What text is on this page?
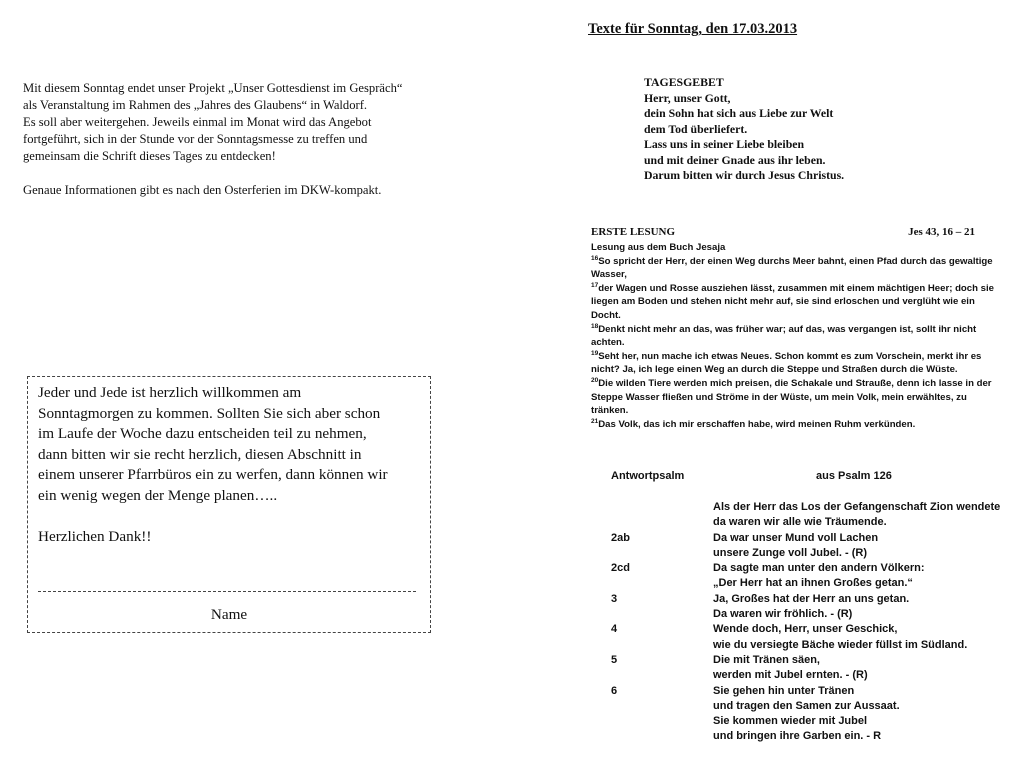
Mit diesem Sonntag endet unser Projekt „Unser Gottesdienst im Gespräch“
als Veranstaltung im Rahmen des „Jahres des Glaubens“ in Waldorf.
Es soll aber weitergehen. Jeweils einmal im Monat wird das Angebot
fortgeführt, sich in der Stunde vor der Sonntagsmesse zu treffen und
gemeinsam die Schrift dieses Tages zu entdecken!

Genaue Informationen gibt es nach den Osterferien im DKW-kompakt.

Jeder und Jede ist herzlich willkommen am
Sonntagmorgen zu kommen. Sollten Sie sich aber schon
im Laufe der Woche dazu entscheiden teil zu nehmen,
dann bitten wir sie recht herzlich, diesen Abschnitt in
einem unserer Pfarrbüros ein zu werfen, dann können wir
ein wenig wegen der Menge planen…..

Herzlichen Dank!!

Name
Texte für Sonntag, den 17.03.2013
TAGESGEBET
Herr, unser Gott,
dein Sohn hat sich aus Liebe zur Welt
dem Tod überliefert.
Lass uns in seiner Liebe bleiben
und mit deiner Gnade aus ihr leben.
Darum bitten wir durch Jesus Christus.
ERSTE LESUNG	Jes 43, 16 – 21
Lesung aus dem Buch Jesaja
$^{16}$So spricht der Herr, der einen Weg durchs Meer bahnt, einen Pfad durch das gewaltige
Wasser,
$^{17}$der Wagen und Rosse ausziehen lässt, zusammen mit einem mächtigen Heer; doch sie
liegen am Boden und stehen nicht mehr auf, sie sind erloschen und verglüht wie ein
Docht.
$^{18}$Denkt nicht mehr an das, was früher war; auf das, was vergangen ist, sollt ihr nicht
achten.
$^{19}$Seht her, nun mache ich etwas Neues. Schon kommt es zum Vorschein, merkt ihr es
nicht? Ja, ich lege einen Weg an durch die Steppe und Straßen durch die Wüste.
$^{20}$Die wilden Tiere werden mich preisen, die Schakale und Strauße, denn ich lasse in der
Steppe Wasser fließen und Ströme in der Wüste, um mein Volk, mein erwähltes, zu
tränken.
$^{21}$Das Volk, das ich mir erschaffen habe, wird meinen Ruhm verkünden.
Antwortpsalm	aus Psalm 126
Als der Herr das Los der Gefangenschaft Zion wendete
da waren wir alle wie Träumende.
2ab	Da war unser Mund voll Lachen
unsere Zunge voll Jubel. - (R)
2cd	Da sagte man unter den andern Völkern:
„Der Herr hat an ihnen Großes getan.“
3	Ja, Großes hat der Herr an uns getan.
Da waren wir fröhlich. - (R)
4	Wende doch, Herr, unser Geschick,
wie du versiegte Bäche wieder füllst im Südland.
5	Die mit Tränen säen,
werden mit Jubel ernten. - (R)
6	Sie gehen hin unter Tränen
und tragen den Samen zur Aussaat.
Sie kommen wieder mit Jubel
und bringen ihre Garben ein. - R
